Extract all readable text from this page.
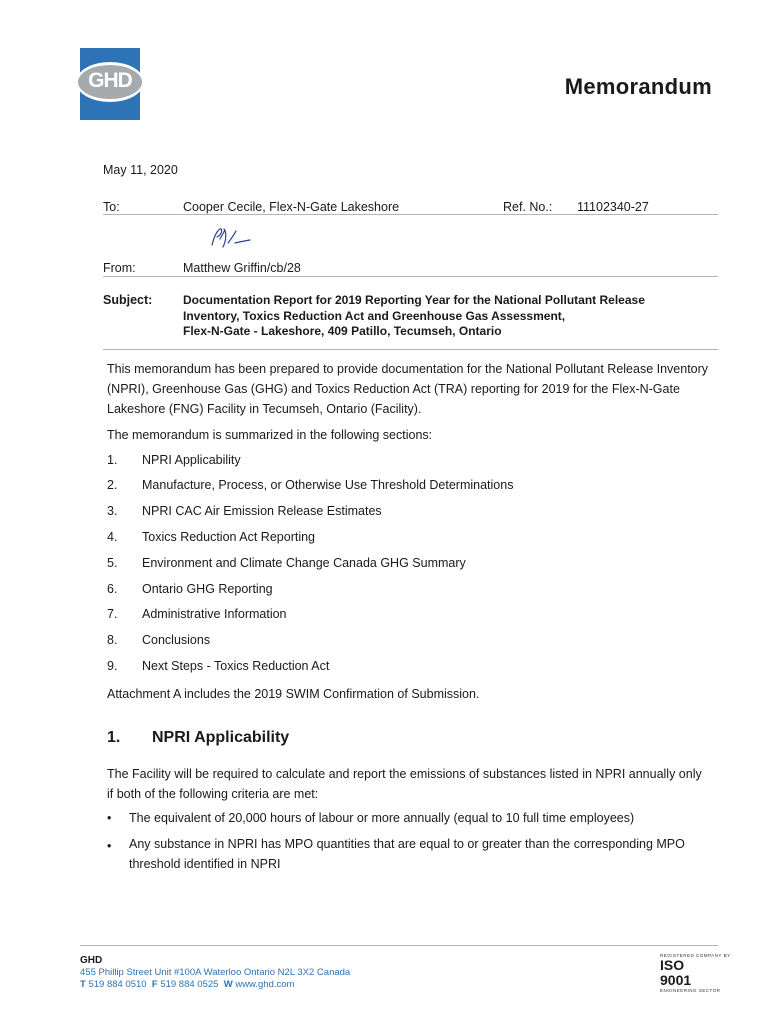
GHD	Memorandum
May 11, 2020
To:	Cooper Cecile, Flex-N-Gate Lakeshore	Ref. No.: 11102340-27
From:	Matthew Griffin/cb/28
Subject:	Documentation Report for 2019 Reporting Year for the National Pollutant Release
Inventory, Toxics Reduction Act and Greenhouse Gas Assessment,
Flex-N-Gate - Lakeshore, 409 Patillo, Tecumseh, Ontario
This memorandum has been prepared to provide documentation for the National Pollutant Release Inventory
(NPRI), Greenhouse Gas (GHG) and Toxics Reduction Act (TRA) reporting for 2019 for the Flex-N-Gate
Lakeshore (FNG) Facility in Tecumseh, Ontario (Facility).
The memorandum is summarized in the following sections:
1. NPRI Applicability
2. Manufacture, Process, or Otherwise Use Threshold Determinations
3. NPRI CAC Air Emission Release Estimates
4. Toxics Reduction Act Reporting
5. Environment and Climate Change Canada GHG Summary
6. Ontario GHG Reporting
7. Administrative Information
8. Conclusions
9. Next Steps - Toxics Reduction Act
Attachment A includes the 2019 SWIM Confirmation of Submission.
1. NPRI Applicability
The Facility will be required to calculate and report the emissions of substances listed in NPRI annually only
if both of the following criteria are met:
• The equivalent of 20,000 hours of labour or more annually (equal to 10 full time employees)
• Any substance in NPRI has MPO quantities that are equal to or greater than the corresponding MPO
threshold identified in NPRI
GHD
455 Phillip Street Unit #100A Waterloo Ontario N2L 3X2 Canada
T 519 884 0510 F 519 884 0525 W www.ghd.com
REGISTERED COMPANY BY
ISO 9001
ENGINEERING SECTOR
